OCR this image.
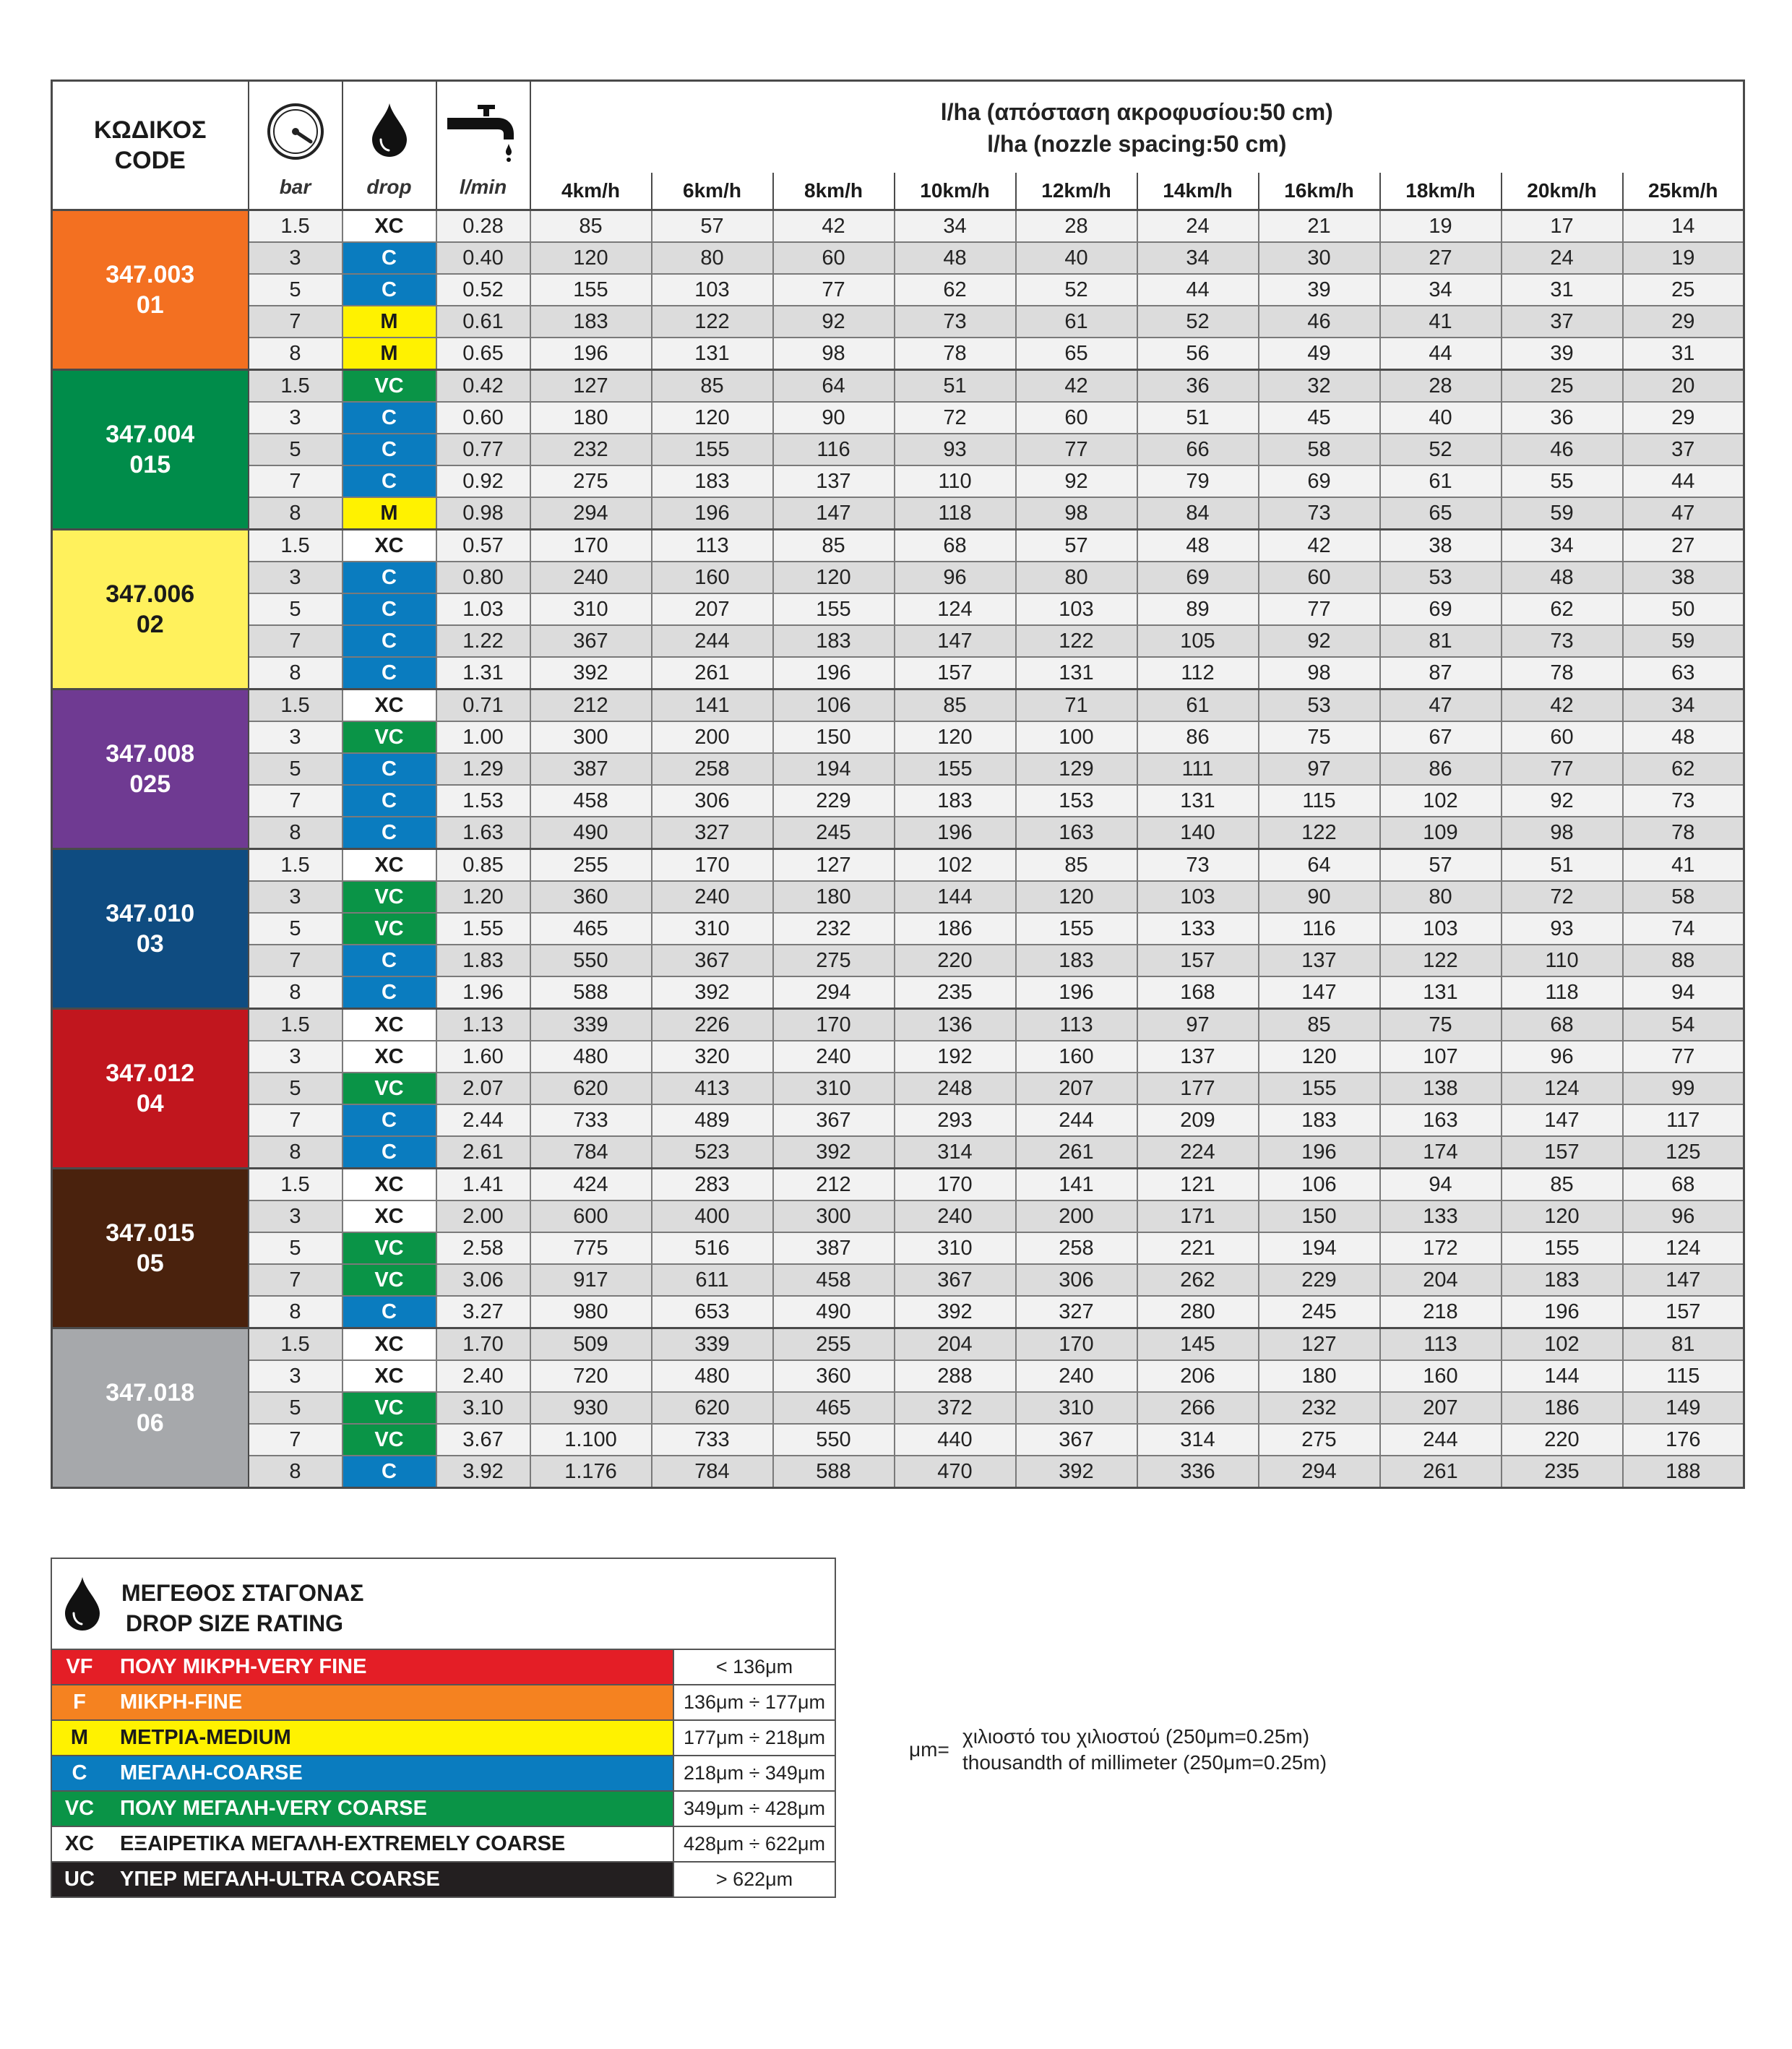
ΚΩΔΙΚΟΣ
CODE	bar	drop	l/min	l/ha (απόσταση ακροφυσίου:50 cm)
l/ha (nozzle spacing:50 cm)									

				4km/h	6km/h	8km/h	10km/h	12km/h	14km/h	16km/h	18km/h	20km/h	25km/h
347.003
01	1.5	XC	0.28	85	57	42	34	28	24	21	19	17	14
	3	C	0.40	120	80	60	48	40	34	30	27	24	19
	5	C	0.52	155	103	77	62	52	44	39	34	31	25
	7	M	0.61	183	122	92	73	61	52	46	41	37	29
	8	M	0.65	196	131	98	78	65	56	49	44	39	31
347.004
015	1.5	VC	0.42	127	85	64	51	42	36	32	28	25	20
	3	C	0.60	180	120	90	72	60	51	45	40	36	29
	5	C	0.77	232	155	116	93	77	66	58	52	46	37
	7	C	0.92	275	183	137	110	92	79	69	61	55	44
	8	M	0.98	294	196	147	118	98	84	73	65	59	47
347.006
02	1.5	XC	0.57	170	113	85	68	57	48	42	38	34	27
	3	C	0.80	240	160	120	96	80	69	60	53	48	38
	5	C	1.03	310	207	155	124	103	89	77	69	62	50
	7	C	1.22	367	244	183	147	122	105	92	81	73	59
	8	C	1.31	392	261	196	157	131	112	98	87	78	63
347.008
025	1.5	XC	0.71	212	141	106	85	71	61	53	47	42	34
	3	VC	1.00	300	200	150	120	100	86	75	67	60	48
	5	C	1.29	387	258	194	155	129	111	97	86	77	62
	7	C	1.53	458	306	229	183	153	131	115	102	92	73
	8	C	1.63	490	327	245	196	163	140	122	109	98	78
347.010
03	1.5	XC	0.85	255	170	127	102	85	73	64	57	51	41
	3	VC	1.20	360	240	180	144	120	103	90	80	72	58
	5	VC	1.55	465	310	232	186	155	133	116	103	93	74
	7	C	1.83	550	367	275	220	183	157	137	122	110	88
	8	C	1.96	588	392	294	235	196	168	147	131	118	94
347.012
04	1.5	XC	1.13	339	226	170	136	113	97	85	75	68	54
	3	XC	1.60	480	320	240	192	160	137	120	107	96	77
	5	VC	2.07	620	413	310	248	207	177	155	138	124	99
	7	C	2.44	733	489	367	293	244	209	183	163	147	117
	8	C	2.61	784	523	392	314	261	224	196	174	157	125
347.015
05	1.5	XC	1.41	424	283	212	170	141	121	106	94	85	68
	3	XC	2.00	600	400	300	240	200	171	150	133	120	96
	5	VC	2.58	775	516	387	310	258	221	194	172	155	124
	7	VC	3.06	917	611	458	367	306	262	229	204	183	147
	8	C	3.27	980	653	490	392	327	280	245	218	196	157
347.018
06	1.5	XC	1.70	509	339	255	204	170	145	127	113	102	81
	3	XC	2.40	720	480	360	288	240	206	180	160	144	115
	5	VC	3.10	930	620	465	372	310	266	232	207	186	149
	7	VC	3.67	1.100	733	550	440	367	314	275	244	220	176
	8	C	3.92	1.176	784	588	470	392	336	294	261	235	188
ΜΕΓΕΘΟΣ ΣΤΑΓΟΝΑΣ
DROP SIZE RATING
VF	ΠΟΛΥ ΜΙΚΡΗ-VERY FINE	< 136μm
F	ΜΙΚΡΗ-FINE	136μm ÷ 177μm
M	ΜΕΤΡΙΑ-MEDIUM	177μm ÷ 218μm
C	ΜΕΓΑΛΗ-COARSE	218μm ÷ 349μm
VC	ΠΟΛΥ ΜΕΓΑΛΗ-VERY COARSE	349μm ÷ 428μm
XC	ΕΞΑΙΡΕΤΙΚΑ ΜΕΓΑΛΗ-EXTREMELY COARSE	428μm ÷ 622μm
UC	ΥΠΕΡ ΜΕΓΑΛΗ-ULTRA COARSE	> 622μm
μm=
χιλιοστό του χιλιοστού (250μm=0.25m)
thousandth of millimeter (250μm=0.25m)
